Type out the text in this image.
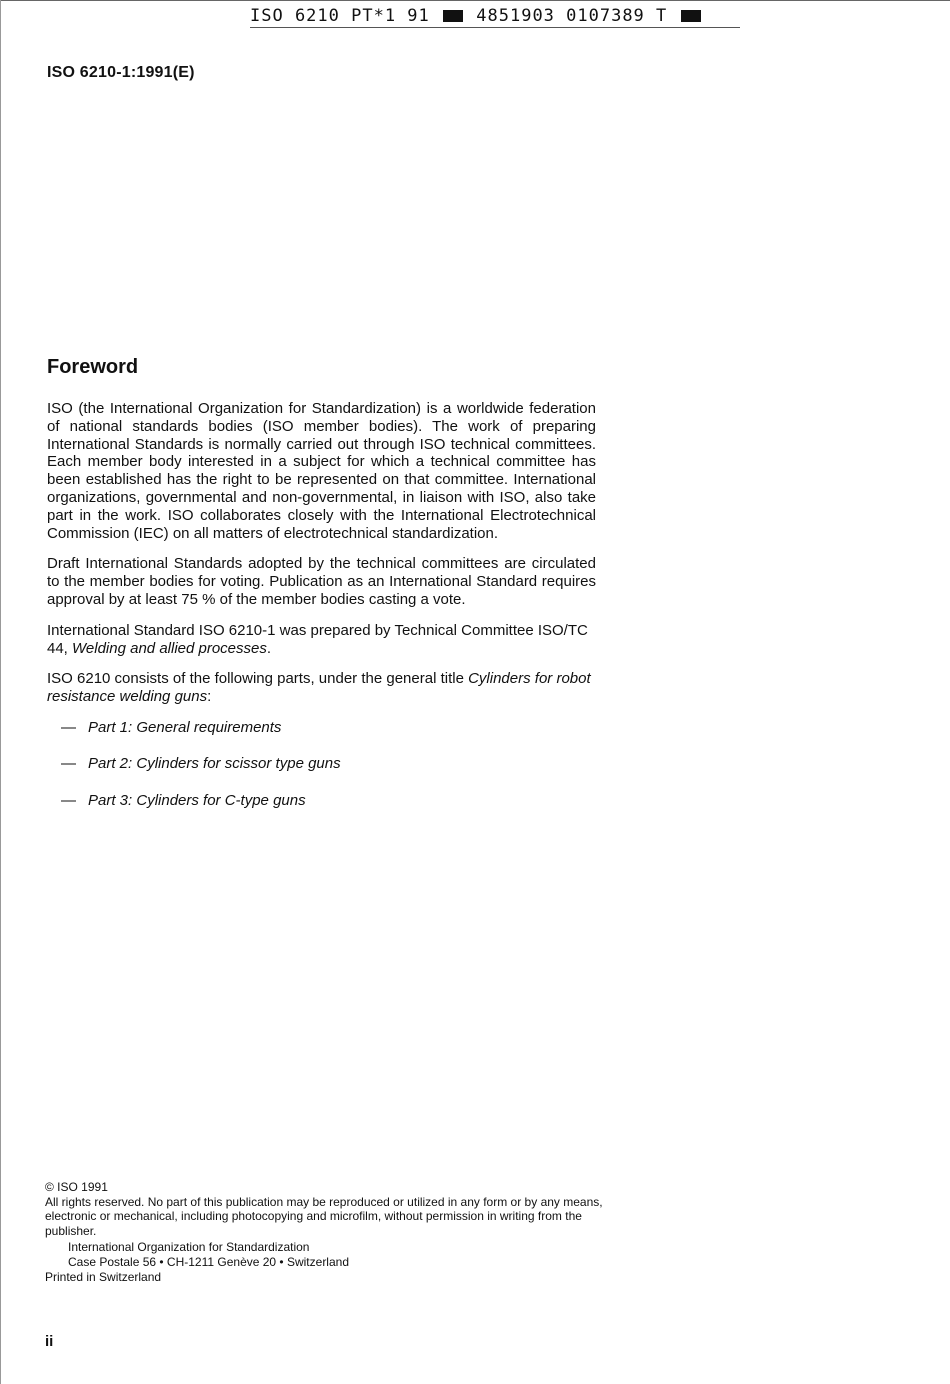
ISO 6210 PT*1 91	4851903 0107389 T
ISO 6210-1:1991(E)
Foreword

ISO (the International Organization for Standardization) is a worldwide federation of national standards bodies (ISO member bodies). The work of preparing International Standards is normally carried out through ISO technical committees. Each member body interested in a subject for which a technical committee has been established has the right to be represented on that committee. International organizations, governmental and non-governmental, in liaison with ISO, also take part in the work. ISO collaborates closely with the International Electrotechnical Commission (IEC) on all matters of electrotechnical standardization.

Draft International Standards adopted by the technical committees are circulated to the member bodies for voting. Publication as an International Standard requires approval by at least 75 % of the member bodies casting a vote.

International Standard ISO 6210-1 was prepared by Technical Committee ISO/TC 44, Welding and allied processes.

ISO 6210 consists of the following parts, under the general title Cylinders for robot resistance welding guns:

— Part 1: General requirements
— Part 2: Cylinders for scissor type guns
— Part 3: Cylinders for C-type guns
© ISO 1991
All rights reserved. No part of this publication may be reproduced or utilized in any form or by any means, electronic or mechanical, including photocopying and microfilm, without permission in writing from the publisher.
International Organization for Standardization
Case Postale 56 • CH-1211 Genève 20 • Switzerland
Printed in Switzerland
ii
